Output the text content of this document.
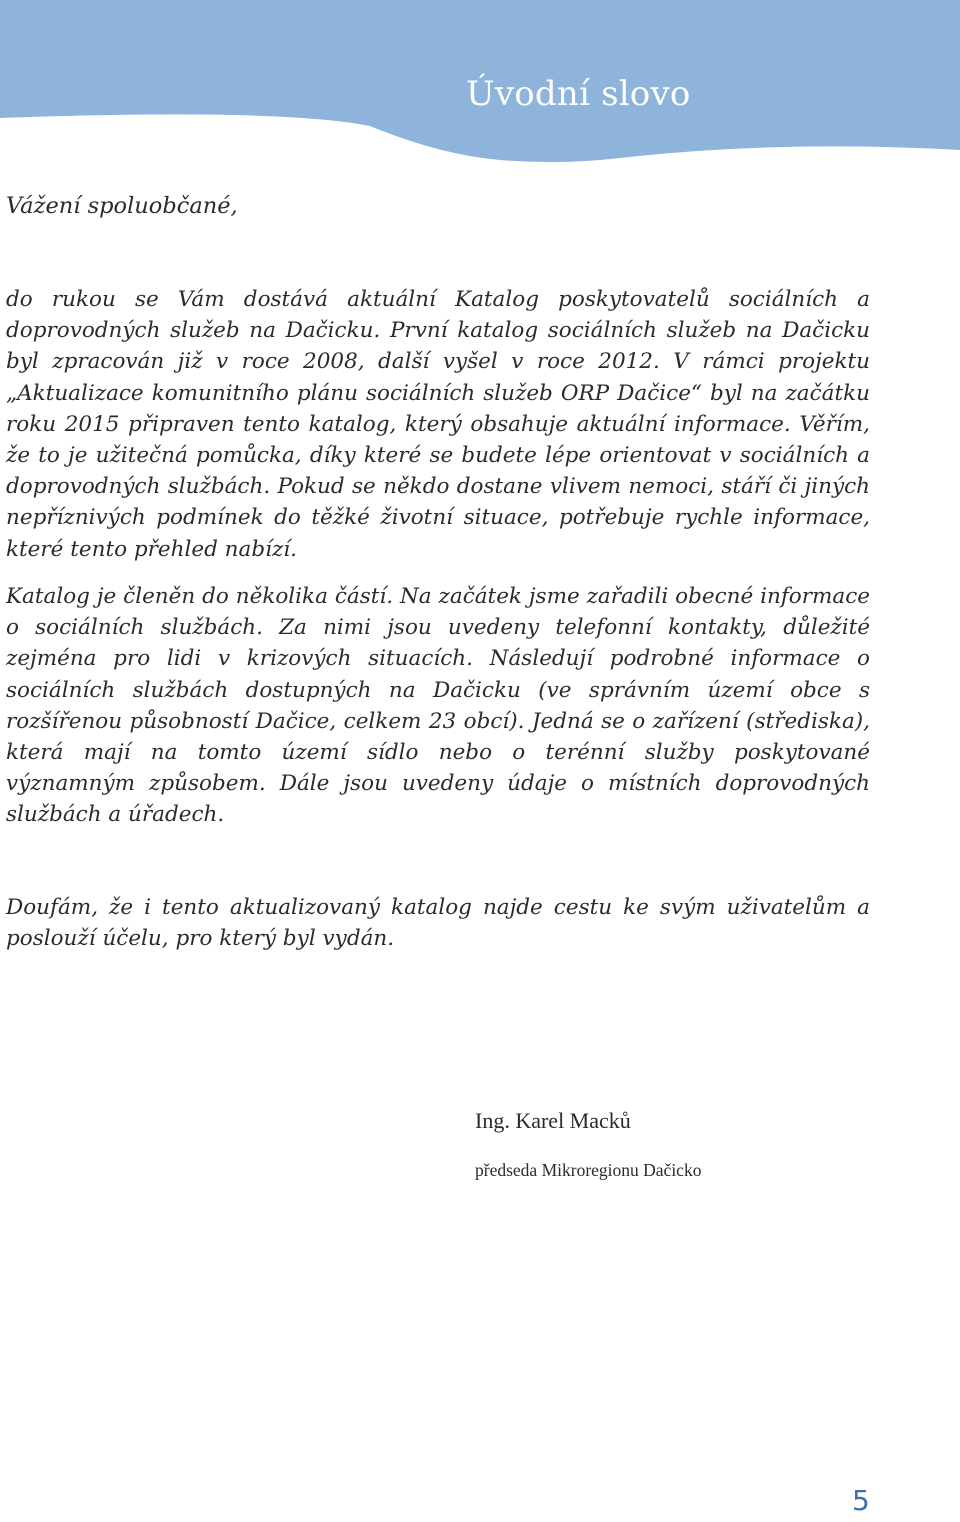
Úvodní slovo

Vážení spoluobčané,

do rukou se Vám dostává aktuální Katalog poskytovatelů sociálních a doprovodných služeb na Dačicku. První katalog sociálních služeb na Dačicku byl zpracován již v roce 2008, další vyšel v roce 2012. V rámci projektu „Aktualizace komunitního plánu sociálních služeb ORP Dačice“ byl na začátku roku 2015 připraven tento katalog, který obsahuje aktuální informace. Věřím, že to je užitečná pomůcka, díky které se budete lépe orientovat v sociálních a doprovodných službách. Pokud se někdo dostane vlivem nemoci, stáří či jiných nepříznivých podmínek do těžké životní situace, potřebuje rychle informace, které tento přehled nabízí.

Katalog je členěn do několika částí. Na začátek jsme zařadili obecné informace o sociálních službách. Za nimi jsou uvedeny telefonní kontakty, důležité zejména pro lidi v krizových situacích. Následují podrobné informace o sociálních službách dostupných na Dačicku (ve správním území obce s rozšířenou působností Dačice, celkem 23 obcí). Jedná se o zařízení (střediska), která mají na tomto území sídlo nebo o terénní služby poskytované významným způsobem. Dále jsou uvedeny údaje o místních doprovodných službách a úřadech.

Doufám, že i tento aktualizovaný katalog najde cestu ke svým uživatelům a poslouží účelu, pro který byl vydán.

Ing. Karel Macků

předseda Mikroregionu Dačicko

5
